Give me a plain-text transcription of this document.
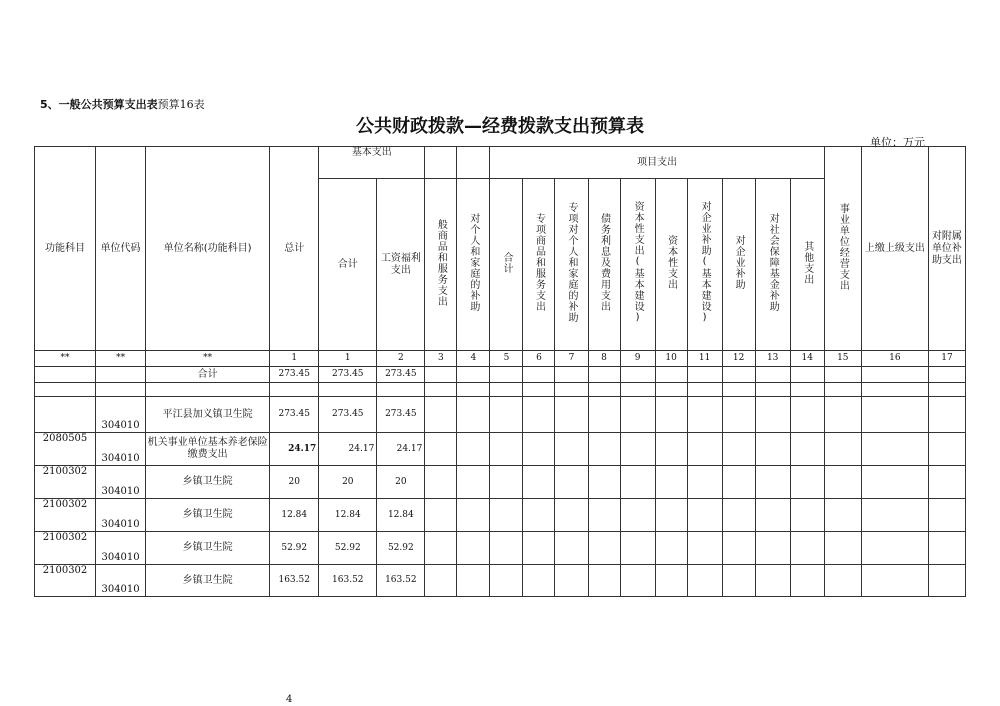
5、一般公共预算支出表预算16表
公共财政拨款—经费拨款支出预算表
单位：万元
功能科目	单位代码	单位名称(功能科目)	总计	基本支出				项目支出										事业单位经营支出	上缴上级支出	对附属单位补助支出
				合计	工资福利支出	般商品和服务支出	对个人和家庭的补助	合计	专项商品和服务支出	专项对个人和家庭的补助	债务利息及费用支出	资本性支出(基本建设)	资本性支出	对企业补助(基本建设)	对企业补助	对社会保障基金补助	其他支出			
**	**	**	1	1	2	3	4	5	6	7	8	9	10	11	12	13	14	15	16	17
		合计	273.45	273.45	273.45															

	304010	平江县加义镇卫生院	273.45	273.45	273.45															
2080505	304010	机关事业单位基本养老保险缴费支出	24.17	24.17	24.17															
2100302	304010	乡镇卫生院	20	20	20															
2100302	304010	乡镇卫生院	12.84	12.84	12.84															
2100302	304010	乡镇卫生院	52.92	52.92	52.92															
2100302	304010	乡镇卫生院	163.52	163.52	163.52															
4
